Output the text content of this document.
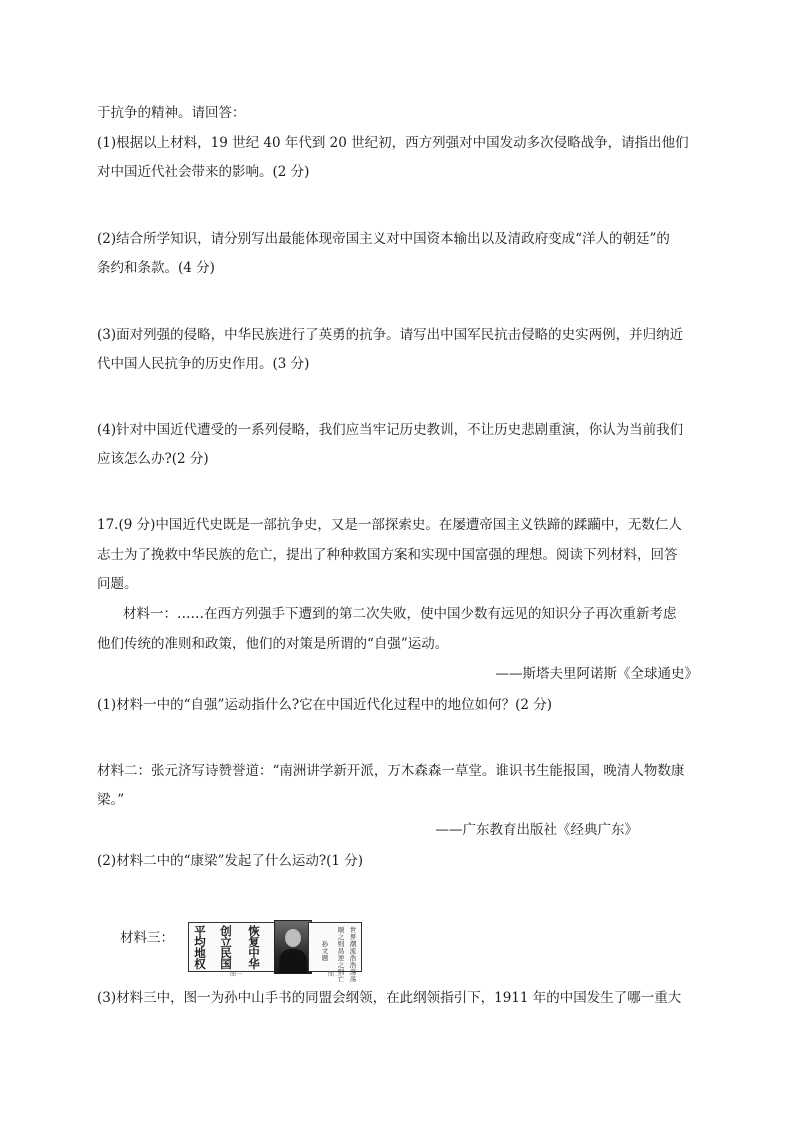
于抗争的精神。请回答：
(1)根据以上材料，19 世纪 40 年代到 20 世纪初，西方列强对中国发动多次侵略战争，请指出他们
对中国近代社会带来的影响。(2 分)
(2)结合所学知识，请分别写出最能体现帝国主义对中国资本输出以及清政府变成“洋人的朝廷”的
条约和条款。(4 分)
(3)面对列强的侵略，中华民族进行了英勇的抗争。请写出中国军民抗击侵略的史实两例，并归纳近
代中国人民抗争的历史作用。(3 分)
(4)针对中国近代遭受的一系列侵略，我们应当牢记历史教训，不让历史悲剧重演，你认为当前我们
应该怎么办?(2 分)
17.(9 分)中国近代史既是一部抗争史，又是一部探索史。在屡遭帝国主义铁蹄的蹂躏中，无数仁人
志士为了挽救中华民族的危亡，提出了种种救国方案和实现中国富强的理想。阅读下列材料，回答
问题。
材料一：……在西方列强手下遭到的第二次失败，使中国少数有远见的知识分子再次重新考虑
他们传统的准则和政策，他们的对策是所谓的“自强”运动。
——斯塔夫里阿诺斯《全球通史》
(1)材料一中的“自强”运动指什么?它在中国近代化过程中的地位如何？(2 分)
材料二：张元济写诗赞誉道：“南洲讲学新开派，万木森森一草堂。谁识书生能报国，晚清人物数康
梁。”
——广东教育出版社《经典广东》
(2)材料二中的“康梁”发起了什么运动?(1 分)
材料三：	恢复中华
创立民国
平均地权
世界潮流浩浩荡荡
顺之则昌逆之则亡
孙文题
图一	图二
(3)材料三中，图一为孙中山手书的同盟会纲领，在此纲领指引下，1911 年的中国发生了哪一重大
